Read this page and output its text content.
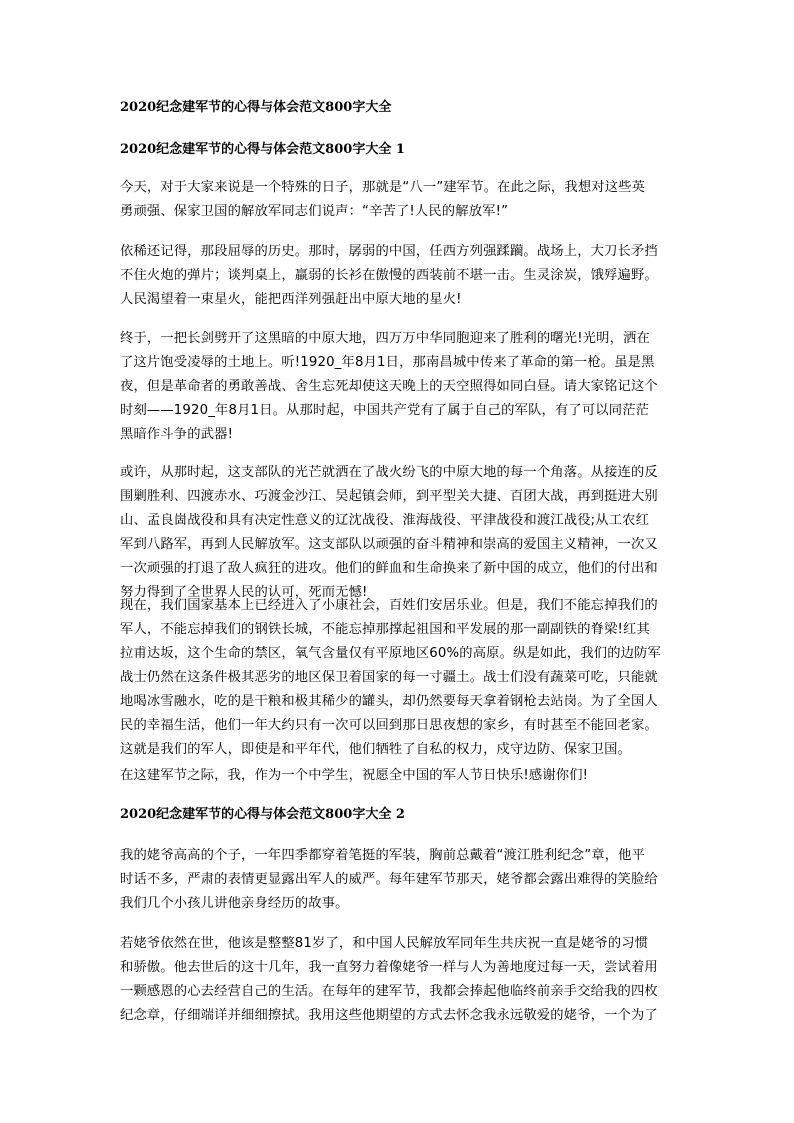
2020纪念建军节的心得与体会范文800字大全
2020纪念建军节的心得与体会范文800字大全 1

今天，对于大家来说是一个特殊的日子，那就是“八一”建军节。在此之际，我想对这些英
勇顽强、保家卫国的解放军同志们说声：“辛苦了!人民的解放军!”

依稀还记得，那段屈辱的历史。那时，孱弱的中国，任西方列强蹂躏。战场上，大刀长矛挡
不住火炮的弹片；谈判桌上，羸弱的长衫在傲慢的西装前不堪一击。生灵涂炭，饿殍遍野。
人民渴望着一束星火，能把西洋列强赶出中原大地的星火!

终于，一把长剑劈开了这黑暗的中原大地，四万万中华同胞迎来了胜利的曙光!光明，洒在
了这片饱受凌辱的土地上。听!1920_年8月1日，那南昌城中传来了革命的第一枪。虽是黑
夜，但是革命者的勇敢善战、舍生忘死却使这天晚上的天空照得如同白昼。请大家铭记这个
时刻——1920_年8月1日。从那时起，中国共产党有了属于自己的军队，有了可以同茫茫
黑暗作斗争的武器!

或许，从那时起，这支部队的光芒就洒在了战火纷飞的中原大地的每一个角落。从接连的反
围剿胜利、四渡赤水、巧渡金沙江、吴起镇会师，到平型关大捷、百团大战，再到挺进大别
山、孟良崮战役和具有决定性意义的辽沈战役、淮海战役、平津战役和渡江战役;从工农红
军到八路军，再到人民解放军。这支部队以顽强的奋斗精神和崇高的爱国主义精神，一次又
一次顽强的打退了敌人疯狂的进攻。他们的鲜血和生命换来了新中国的成立，他们的付出和
努力得到了全世界人民的认可，死而无憾!

现在，我们国家基本上已经进入了小康社会，百姓们安居乐业。但是，我们不能忘掉我们的
军人，不能忘掉我们的钢铁长城，不能忘掉那撑起祖国和平发展的那一副副铁的脊梁!红其
拉甫达坂，这个生命的禁区，氧气含量仅有平原地区60%的高原。纵是如此，我们的边防军
战士仍然在这条件极其恶劣的地区保卫着国家的每一寸疆土。战士们没有蔬菜可吃，只能就
地喝冰雪融水，吃的是干粮和极其稀少的罐头，却仍然要每天拿着钢枪去站岗。为了全国人
民的幸福生活，他们一年大约只有一次可以回到那日思夜想的家乡，有时甚至不能回老家。
这就是我们的军人，即使是和平年代，他们牺牲了自私的权力，戍守边防、保家卫国。

在这建军节之际，我，作为一个中学生，祝愿全中国的军人节日快乐!感谢你们!

2020纪念建军节的心得与体会范文800字大全 2

我的姥爷高高的个子，一年四季都穿着笔挺的军装，胸前总戴着“渡江胜利纪念”章，他平
时话不多，严肃的表情更显露出军人的威严。每年建军节那天，姥爷都会露出难得的笑脸给
我们几个小孩儿讲他亲身经历的故事。

若姥爷依然在世，他该是整整81岁了，和中国人民解放军同年生共庆祝一直是姥爷的习惯
和骄傲。他去世后的这十几年，我一直努力着像姥爷一样与人为善地度过每一天，尝试着用
一颗感恩的心去经营自己的生活。在每年的建军节，我都会捧起他临终前亲手交给我的四枚
纪念章，仔细端详并细细擦拭。我用这些他期望的方式去怀念我永远敬爱的姥爷，一个为了
